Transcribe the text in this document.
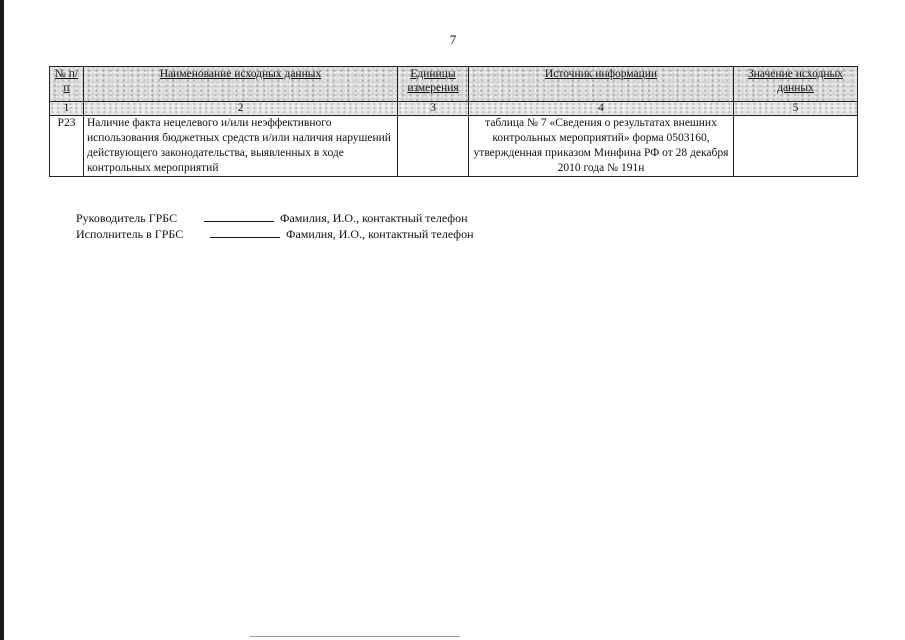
7
№ п/п	Наименование исходных данных	Единицы измерения	Источник информации	Значение исходных данных
1	2	3	4	5
Р23	Наличие факта нецелевого и/или неэффективного использования бюджетных средств и/или наличия нарушений действующего законодательства, выявленных в ходе контрольных мероприятий		таблица № 7 «Сведения о результатах внешних контрольных мероприятий» форма 0503160, утвержденная приказом Минфина РФ от 28 декабря 2010 года № 191н	
Руководитель ГРБС	Фамилия, И.О., контактный телефон
Исполнитель в ГРБС	Фамилия, И.О., контактный телефон
